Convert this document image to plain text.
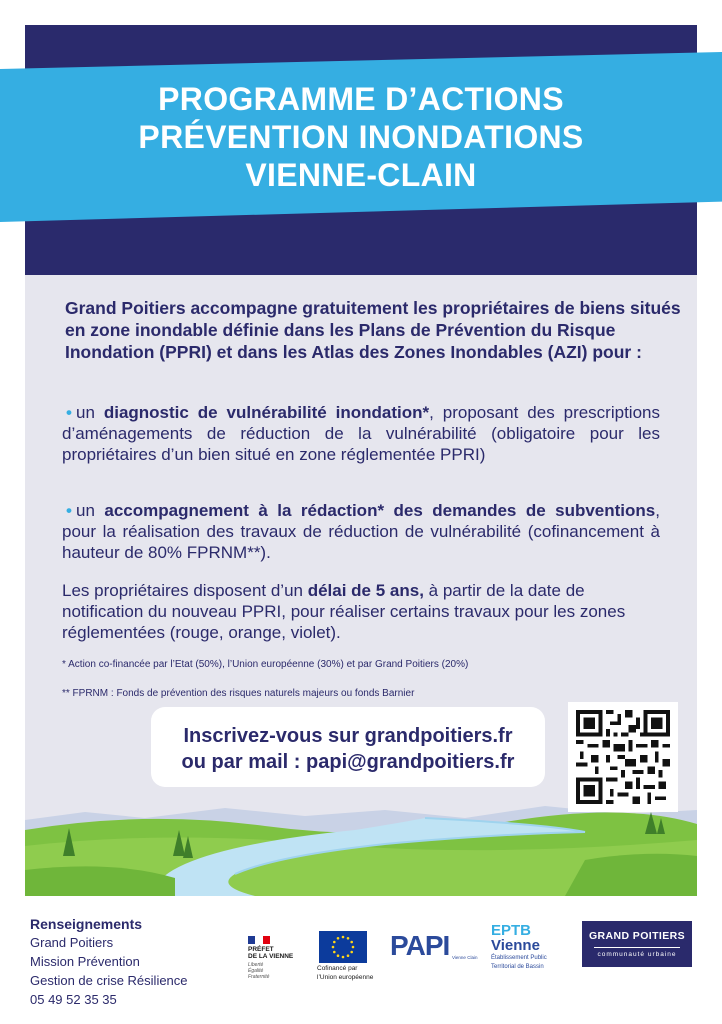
PROGRAMME D’ACTIONS
PRÉVENTION INONDATIONS
VIENNE-CLAIN

Grand Poitiers accompagne gratuitement les propriétaires de biens situés en zone inondable définie dans les Plans de Prévention du Risque Inondation (PPRI) et dans les Atlas des Zones Inondables (AZI) pour :

• un diagnostic de vulnérabilité inondation*, proposant des prescriptions d’aménagements de réduction de la vulnérabilité (obligatoire pour les propriétaires d’un bien situé en zone réglementée PPRI)

• un accompagnement à la rédaction* des demandes de subventions, pour la réalisation des travaux de réduction de vulnérabilité (cofinancement à hauteur de 80% FPRNM**).

Les propriétaires disposent d’un délai de 5 ans, à partir de la date de notification du nouveau PPRI, pour réaliser certains travaux pour les zones réglementées (rouge, orange, violet).

* Action co-financée par l’Etat (50%), l’Union européenne (30%) et par Grand Poitiers (20%)
** FPRNM : Fonds de prévention des risques naturels majeurs ou fonds Barnier
Inscrivez-vous sur grandpoitiers.fr
ou par mail : papi@grandpoitiers.fr
Renseignements
Grand Poitiers
Mission Prévention
Gestion de crise Résilience
05 49 52 35 35
PRÉFET
DE LA VIENNE
Liberté
Égalité
Fraternité
Cofinancé par
l’Union européenne
PAPI Vienne Clain
EPTB
Vienne
Établissement Public
Territorial de Bassin
GRAND POITIERS
communauté urbaine
